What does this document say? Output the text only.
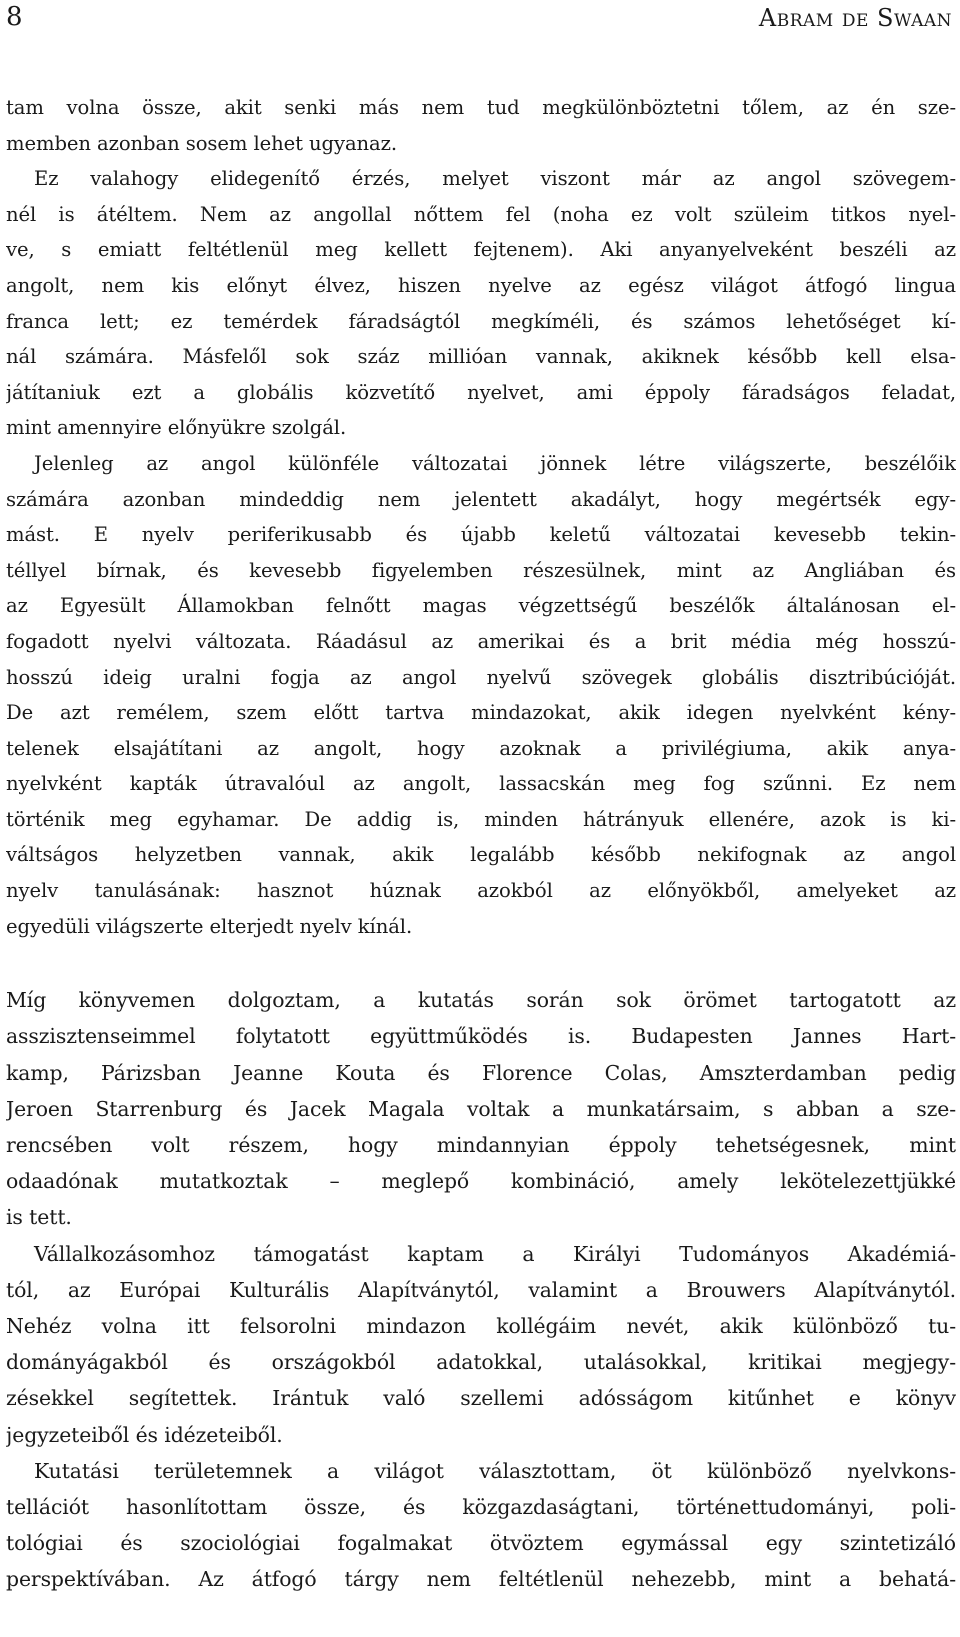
8	Abram de Swaan
tam volna össze, akit senki más nem tud megkülönböztetni tőlem, az én sze-
memben azonban sosem lehet ugyanaz.
Ez valahogy elidegenítő érzés, melyet viszont már az angol szövegem-
nél is átéltem. Nem az angollal nőttem fel (noha ez volt szüleim titkos nyel-
ve, s emiatt feltétlenül meg kellett fejtenem). Aki anyanyelveként beszéli az
angolt, nem kis előnyt élvez, hiszen nyelve az egész világot átfogó lingua
franca lett; ez temérdek fáradságtól megkíméli, és számos lehetőséget kí-
nál számára. Másfelől sok száz millióan vannak, akiknek később kell elsa-
játítaniuk ezt a globális közvetítő nyelvet, ami éppoly fáradságos feladat,
mint amennyire előnyükre szolgál.
Jelenleg az angol különféle változatai jönnek létre világszerte, beszélőik
számára azonban mindeddig nem jelentett akadályt, hogy megértsék egy-
mást. E nyelv periferikusabb és újabb keletű változatai kevesebb tekin-
téllyel bírnak, és kevesebb figyelemben részesülnek, mint az Angliában és
az Egyesült Államokban felnőtt magas végzettségű beszélők általánosan el-
fogadott nyelvi változata. Ráadásul az amerikai és a brit média még hosszú-
hosszú ideig uralni fogja az angol nyelvű szövegek globális disztribúcióját.
De azt remélem, szem előtt tartva mindazokat, akik idegen nyelvként kény-
telenek elsajátítani az angolt, hogy azoknak a privilégiuma, akik anya-
nyelvként kapták útravalóul az angolt, lassacskán meg fog szűnni. Ez nem
történik meg egyhamar. De addig is, minden hátrányuk ellenére, azok is ki-
váltságos helyzetben vannak, akik legalább később nekifognak az angol
nyelv tanulásának: hasznot húznak azokból az előnyökből, amelyeket az
egyedüli világszerte elterjedt nyelv kínál.
Míg könyvemen dolgoztam, a kutatás során sok örömet tartogatott az
asszisztenseimmel folytatott együttműködés is. Budapesten Jannes Hart-
kamp, Párizsban Jeanne Kouta és Florence Colas, Amszterdamban pedig
Jeroen Starrenburg és Jacek Magala voltak a munkatársaim, s abban a sze-
rencsében volt részem, hogy mindannyian éppoly tehetségesnek, mint
odaadónak mutatkoztak – meglepő kombináció, amely lekötelezettjükké
is tett.
Vállalkozásomhoz támogatást kaptam a Királyi Tudományos Akadémiá-
tól, az Európai Kulturális Alapítványtól, valamint a Brouwers Alapítványtól.
Nehéz volna itt felsorolni mindazon kollégáim nevét, akik különböző tu-
dományágakból és országokból adatokkal, utalásokkal, kritikai megjegy-
zésekkel segítettek. Irántuk való szellemi adósságom kitűnhet e könyv
jegyzeteiből és idézeteiből.
Kutatási területemnek a világot választottam, öt különböző nyelvkons-
tellációt hasonlítottam össze, és közgazdaságtani, történettudományi, poli-
tológiai és szociológiai fogalmakat ötvöztem egymással egy szintetizáló
perspektívában. Az átfogó tárgy nem feltétlenül nehezebb, mint a behatá-
